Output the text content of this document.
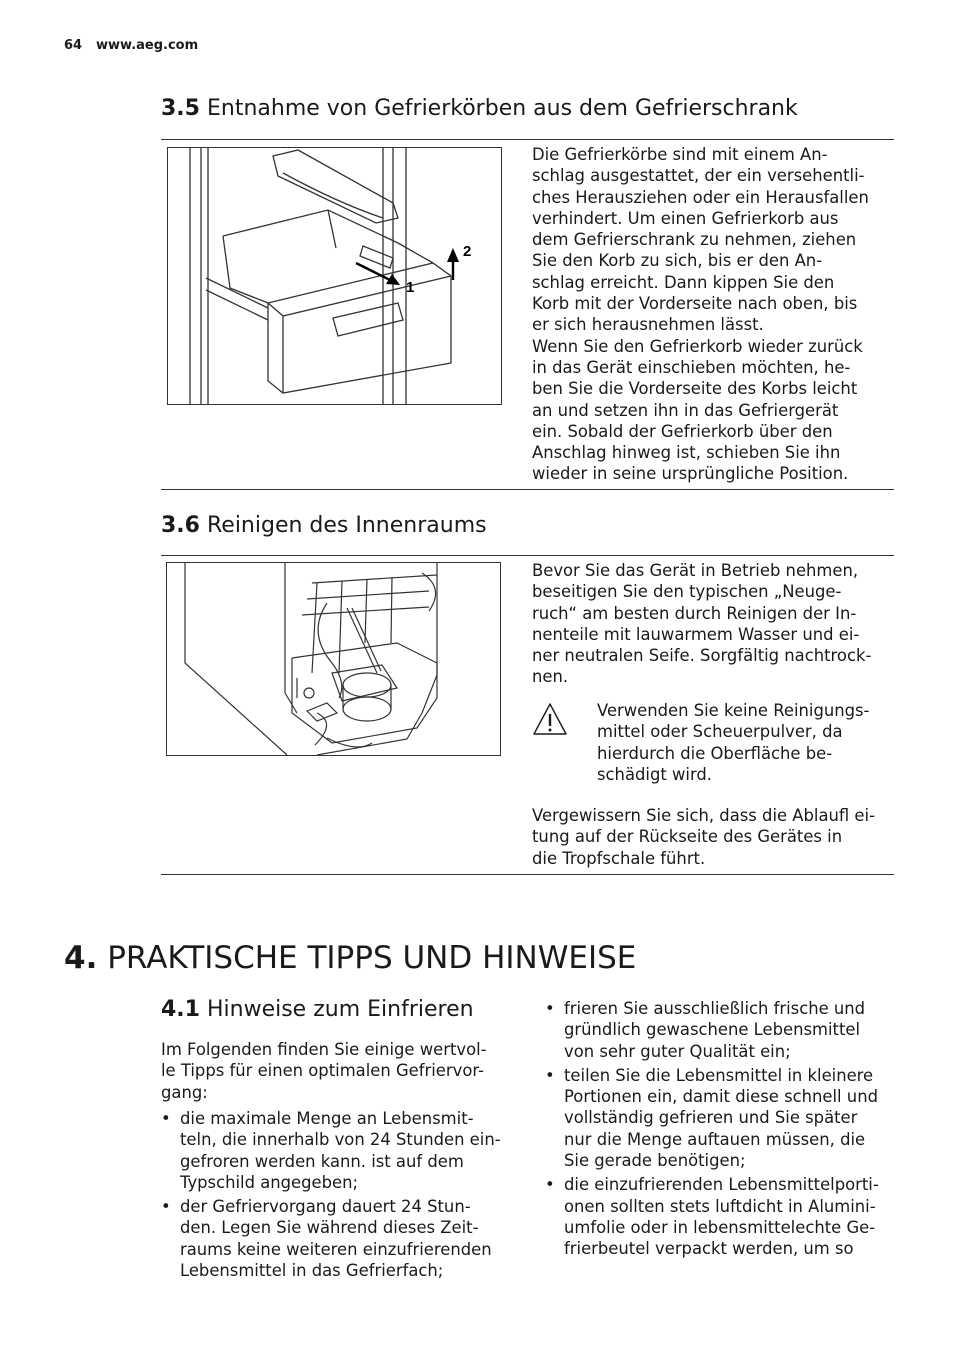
64 www.aeg.com
3.5 Entnahme von Gefrierkörben aus dem Gefrierschrank
1
2
Die Gefrierkörbe sind mit einem An-
schlag ausgestattet, der ein versehentli-
ches Herausziehen oder ein Herausfallen
verhindert. Um einen Gefrierkorb aus
dem Gefrierschrank zu nehmen, ziehen
Sie den Korb zu sich, bis er den An-
schlag erreicht. Dann kippen Sie den
Korb mit der Vorderseite nach oben, bis
er sich herausnehmen lässt.
Wenn Sie den Gefrierkorb wieder zurück
in das Gerät einschieben möchten, he-
ben Sie die Vorderseite des Korbs leicht
an und setzen ihn in das Gefriergerät
ein. Sobald der Gefrierkorb über den
Anschlag hinweg ist, schieben Sie ihn
wieder in seine ursprüngliche Position.
3.6 Reinigen des Innenraums
Bevor Sie das Gerät in Betrieb nehmen,
beseitigen Sie den typischen „Neuge-
ruch“ am besten durch Reinigen der In-
nenteile mit lauwarmem Wasser und ei-
ner neutralen Seife. Sorgfältig nachtrock-
nen.
Verwenden Sie keine Reinigungs-
mittel oder Scheuerpulver, da
hierdurch die Oberfläche be-
schädigt wird.
Vergewissern Sie sich, dass die Ablaufl ei-
tung auf der Rückseite des Gerätes in
die Tropfschale führt.
4. PRAKTISCHE TIPPS UND HINWEISE
4.1 Hinweise zum Einfrieren
Im Folgenden finden Sie einige wertvol-
le Tipps für einen optimalen Gefriervor-
gang:
• die maximale Menge an Lebensmit-
teln, die innerhalb von 24 Stunden ein-
gefroren werden kann. ist auf dem
Typschild angegeben;
• der Gefriervorgang dauert 24 Stun-
den. Legen Sie während dieses Zeit-
raums keine weiteren einzufrierenden
Lebensmittel in das Gefrierfach;
• frieren Sie ausschließlich frische und
gründlich gewaschene Lebensmittel
von sehr guter Qualität ein;
• teilen Sie die Lebensmittel in kleinere
Portionen ein, damit diese schnell und
vollständig gefrieren und Sie später
nur die Menge auftauen müssen, die
Sie gerade benötigen;
• die einzufrierenden Lebensmittelporti-
onen sollten stets luftdicht in Alumini-
umfolie oder in lebensmittelechte Ge-
frierbeutel verpackt werden, um so
